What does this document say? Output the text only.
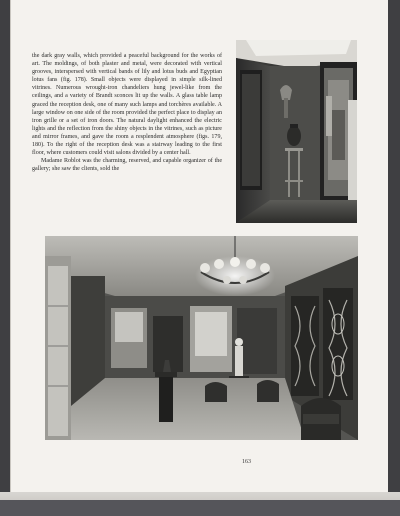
the dark gray walls, which provided a peaceful background for the works of art. The moldings, of both plaster and metal, were decorated with vertical grooves, interspersed with vertical bands of lily and lotus buds and Egyptian lotus fans (fig. 178). Small objects were displayed in simple silk-lined vitrines. Numerous wrought-iron chandeliers hung jewel-like from the ceilings, and a variety of Brandt sconces lit up the walls. A glass table lamp graced the reception desk, one of many such lamps and torchères available. A large window on one side of the room provided the perfect place to display an iron grille or a set of iron doors. The natural daylight enhanced the electric lights and the reflection from the shiny objects in the vitrines, such as picture and mirror frames, and gave the room a resplendent atmosphere (figs. 179, 180). To the right of the reception desk was a stairway leading to the first floor, where customers could visit salons divided by a center hall.

Madame Roblot was the charming, reserved, and capable organizer of the gallery; she saw the clients, sold the

163
